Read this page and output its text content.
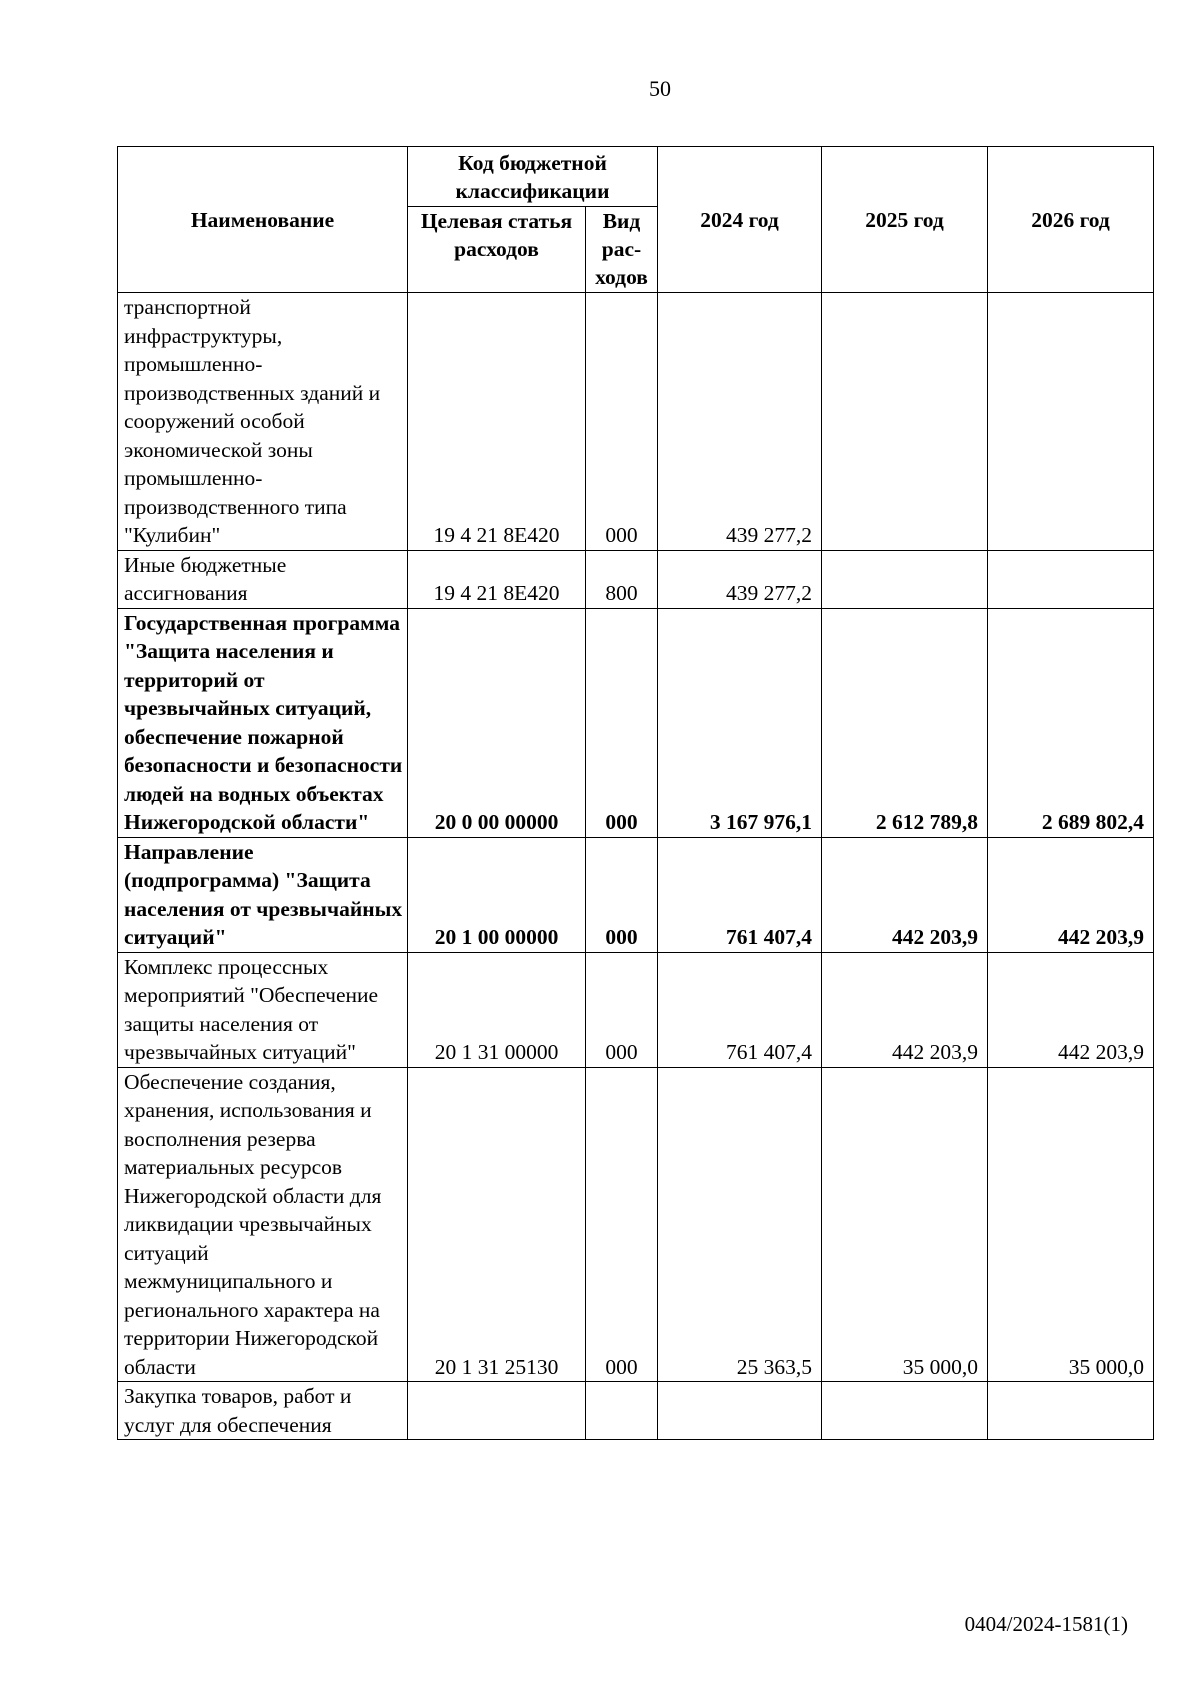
50
Наименование	Код бюджетной классификации		2024 год	2025 год	2026 год
	Целевая статья расходов	Вид рас-ходов			
транспортной инфраструктуры, промышленно-производственных зданий и сооружений особой экономической зоны промышленно-производственного типа "Кулибин"	19 4 21 8Е420	000	439 277,2		
Иные бюджетные ассигнования	19 4 21 8Е420	800	439 277,2		
Государственная программа "Защита населения и территорий от чрезвычайных ситуаций, обеспечение пожарной безопасности и безопасности людей на водных объектах Нижегородской области"	20 0 00 00000	000	3 167 976,1	2 612 789,8	2 689 802,4
Направление (подпрограмма) "Защита населения от чрезвычайных ситуаций"	20 1 00 00000	000	761 407,4	442 203,9	442 203,9
Комплекс процессных мероприятий "Обеспечение защиты населения от чрезвычайных ситуаций"	20 1 31 00000	000	761 407,4	442 203,9	442 203,9
Обеспечение создания, хранения, использования и восполнения резерва материальных ресурсов Нижегородской области для ликвидации чрезвычайных ситуаций межмуниципального и регионального характера на территории Нижегородской области	20 1 31 25130	000	25 363,5	35 000,0	35 000,0
Закупка товаров, работ и услуг для обеспечения					
0404/2024-1581(1)
